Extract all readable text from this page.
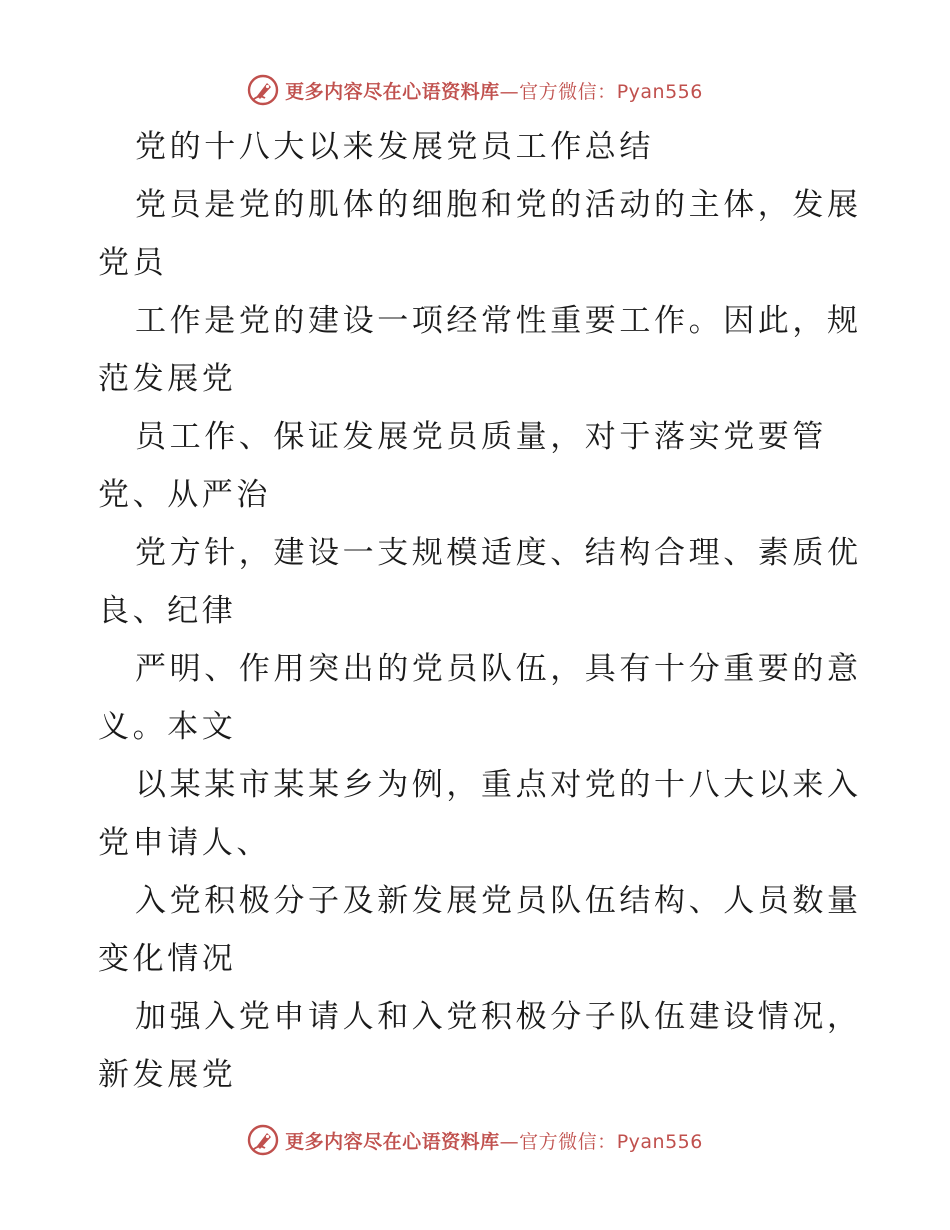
更多内容尽在心语资料库—官方微信：Pyan556
党的十八大以来发展党员工作总结
党员是党的肌体的细胞和党的活动的主体，发展
党员
工作是党的建设一项经常性重要工作。因此，规
范发展党
员工作、保证发展党员质量，对于落实党要管
党、从严治
党方针，建设一支规模适度、结构合理、素质优
良、纪律
严明、作用突出的党员队伍，具有十分重要的意
义。本文
以某某市某某乡为例，重点对党的十八大以来入
党申请人、
入党积极分子及新发展党员队伍结构、人员数量
变化情况
加强入党申请人和入党积极分子队伍建设情况，
新发展党
更多内容尽在心语资料库—官方微信：Pyan556
